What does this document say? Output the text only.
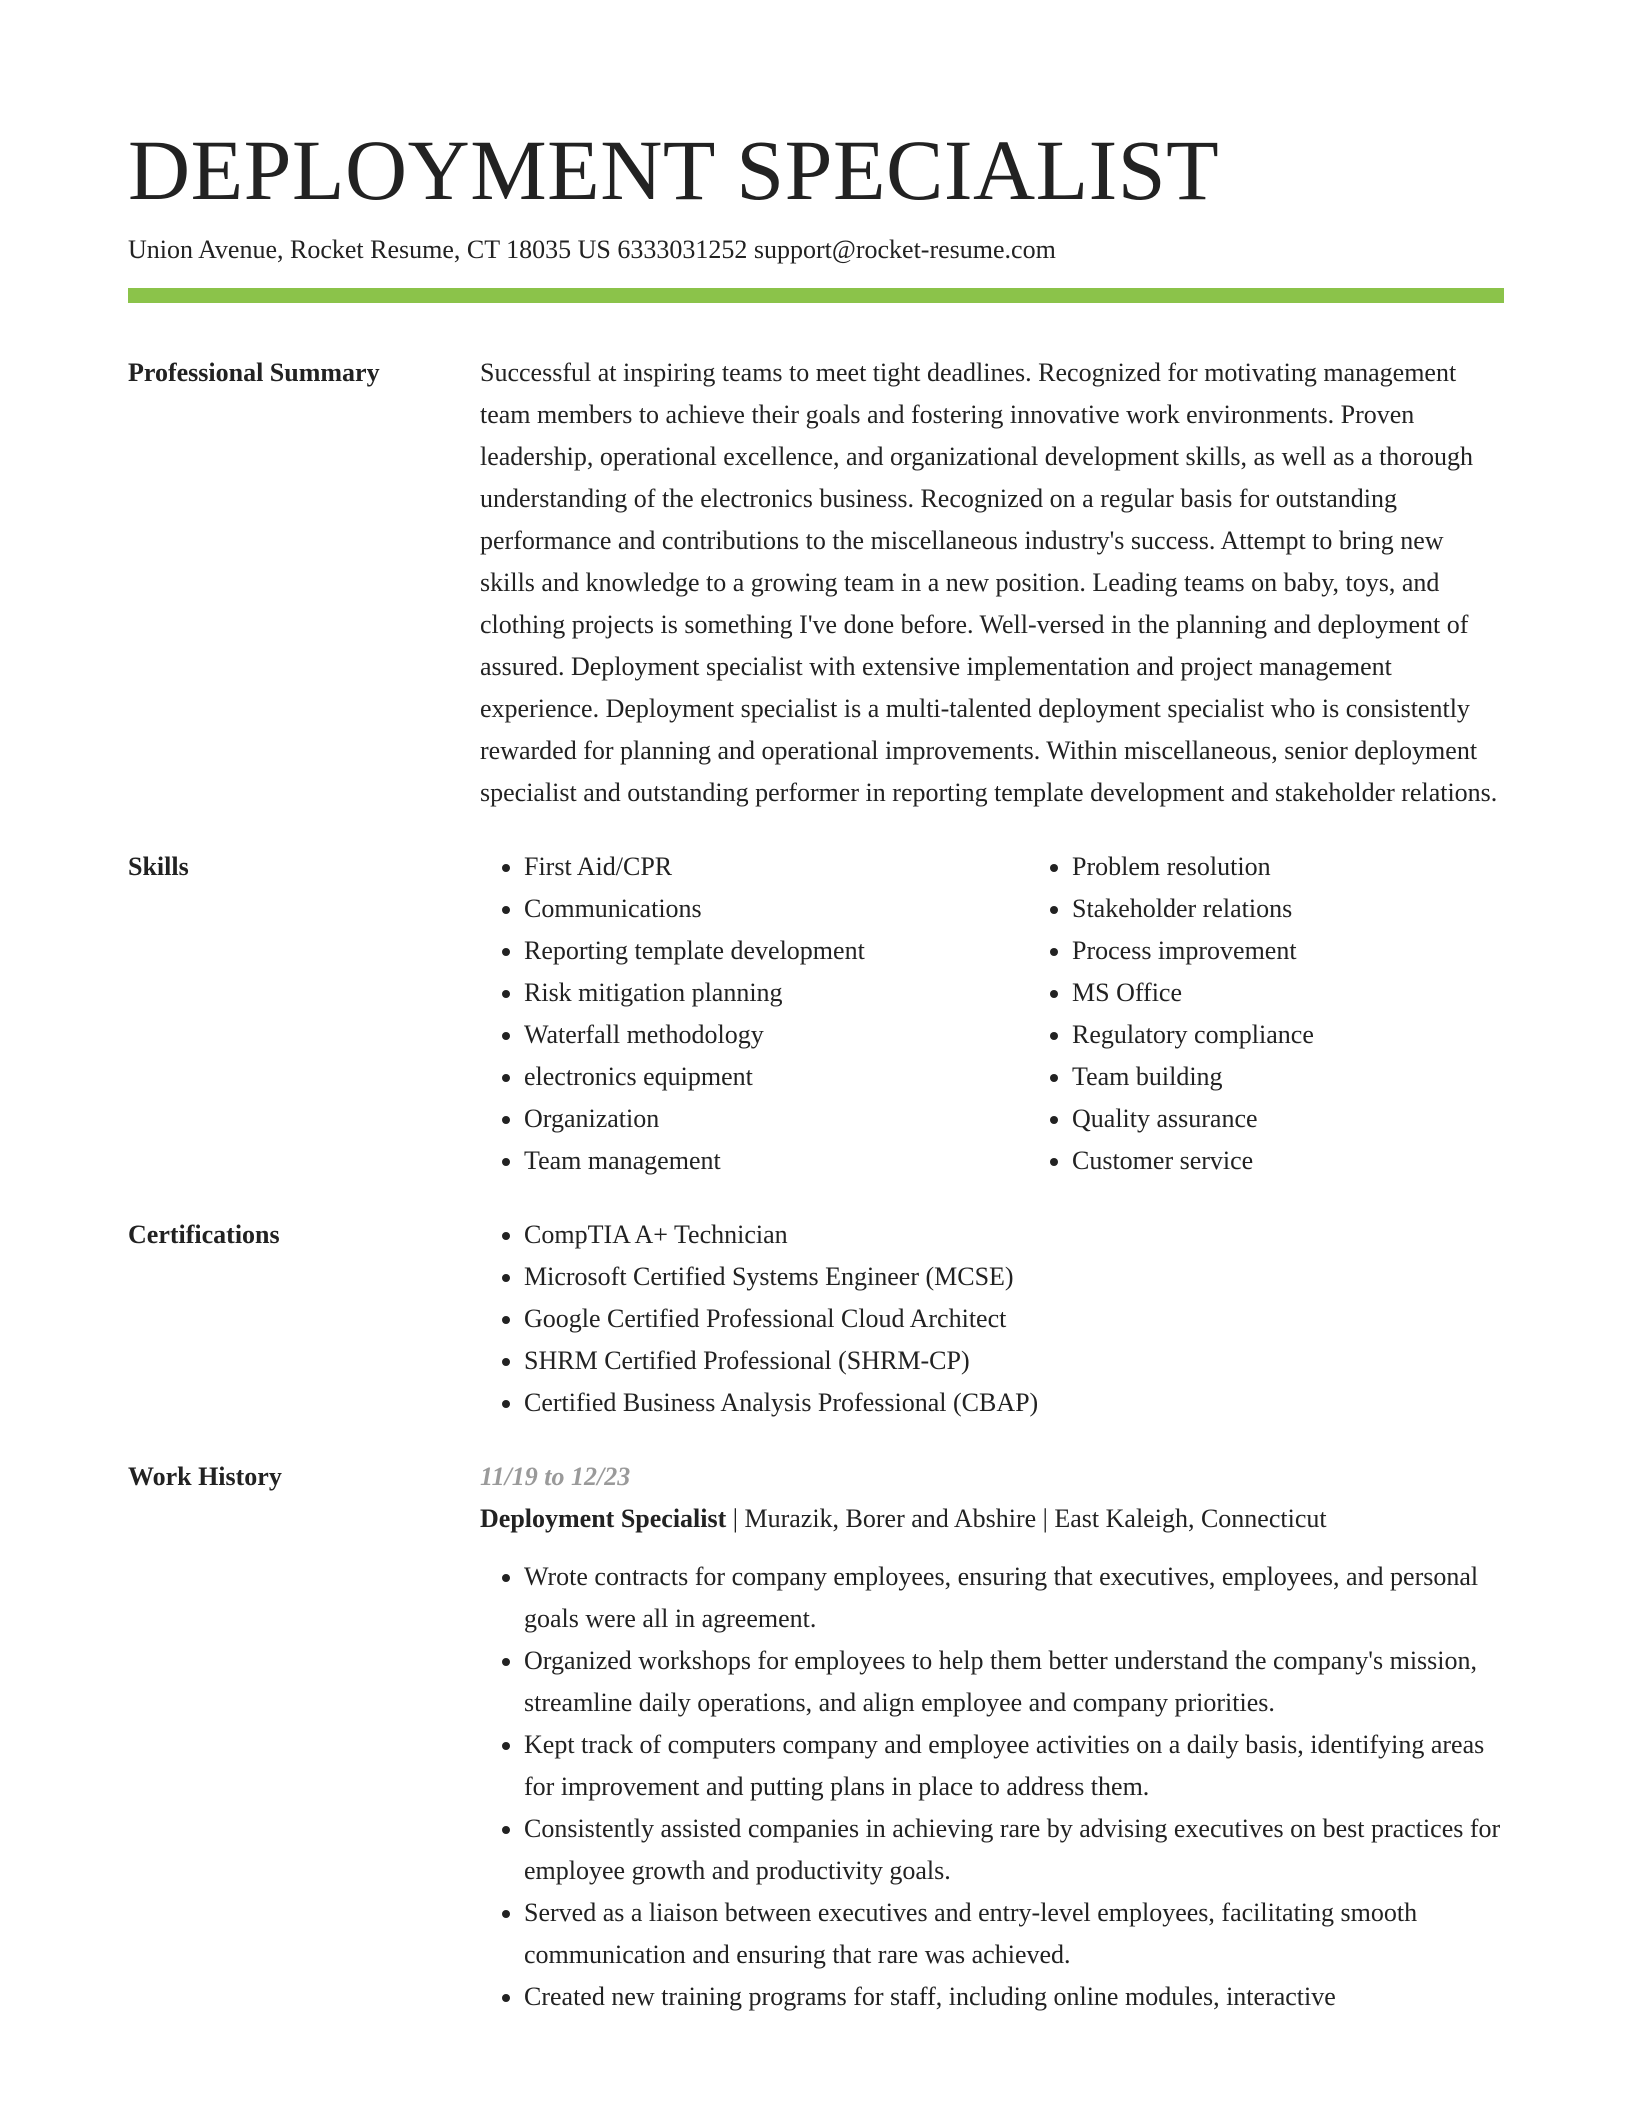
DEPLOYMENT SPECIALIST
Union Avenue, Rocket Resume, CT 18035 US 6333031252 support@rocket-resume.com
Professional Summary	Successful at inspiring teams to meet tight deadlines. Recognized for motivating management team members to achieve their goals and fostering innovative work environments. Proven leadership, operational excellence, and organizational development skills, as well as a thorough understanding of the electronics business. Recognized on a regular basis for outstanding performance and contributions to the miscellaneous industry's success. Attempt to bring new skills and knowledge to a growing team in a new position. Leading teams on baby, toys, and clothing projects is something I've done before. Well-versed in the planning and deployment of assured. Deployment specialist with extensive implementation and project management experience. Deployment specialist is a multi-talented deployment specialist who is consistently rewarded for planning and operational improvements. Within miscellaneous, senior deployment specialist and outstanding performer in reporting template development and stakeholder relations.
Skills	• First Aid/CPR
• Communications
• Reporting template development
• Risk mitigation planning
• Waterfall methodology
• electronics equipment
• Organization
• Team management
• Problem resolution
• Stakeholder relations
• Process improvement
• MS Office
• Regulatory compliance
• Team building
• Quality assurance
• Customer service
Certifications	• CompTIA A+ Technician
• Microsoft Certified Systems Engineer (MCSE)
• Google Certified Professional Cloud Architect
• SHRM Certified Professional (SHRM-CP)
• Certified Business Analysis Professional (CBAP)
Work History	11/19 to 12/23
Deployment Specialist | Murazik, Borer and Abshire | East Kaleigh, Connecticut
• Wrote contracts for company employees, ensuring that executives, employees, and personal goals were all in agreement.
• Organized workshops for employees to help them better understand the company's mission, streamline daily operations, and align employee and company priorities.
• Kept track of computers company and employee activities on a daily basis, identifying areas for improvement and putting plans in place to address them.
• Consistently assisted companies in achieving rare by advising executives on best practices for employee growth and productivity goals.
• Served as a liaison between executives and entry-level employees, facilitating smooth communication and ensuring that rare was achieved.
• Created new training programs for staff, including online modules, interactive
